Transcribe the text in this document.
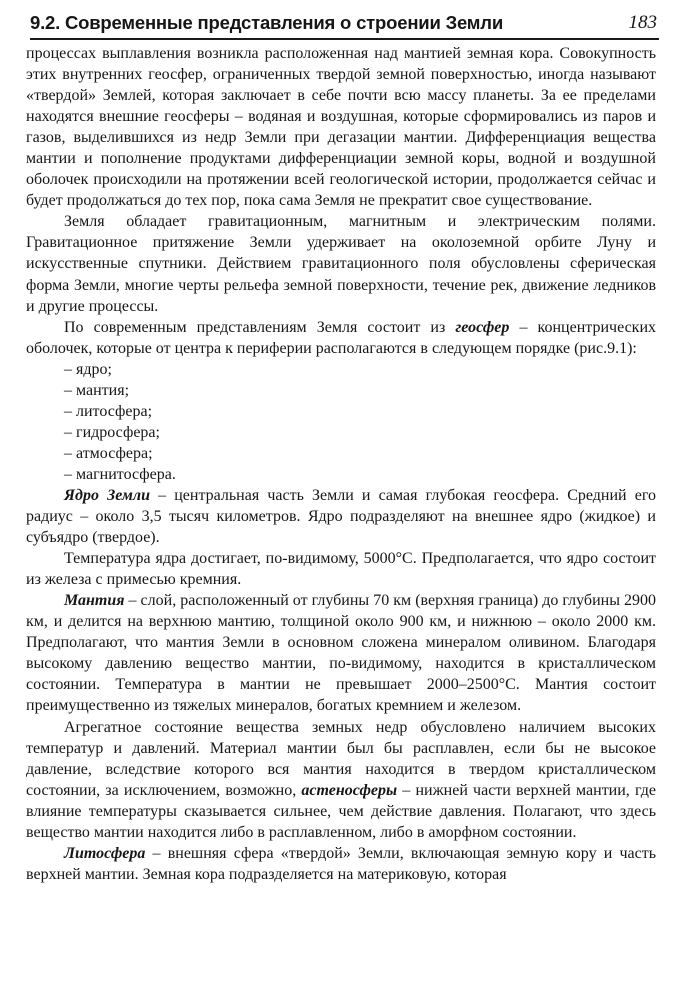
9.2. Современные представления о строении Земли	183

процессах выплавления возникла расположенная над мантией земная кора. Совокупность этих внутренних геосфер, ограниченных твердой земной поверхностью, иногда называют «твердой» Землей, которая заключает в себе почти всю массу планеты. За ее пределами находятся внешние геосферы – водяная и воздушная, которые сформировались из паров и газов, выделившихся из недр Земли при дегазации мантии. Дифференциация вещества мантии и пополнение продуктами дифференциации земной коры, водной и воздушной оболочек происходили на протяжении всей геологической истории, продолжается сейчас и будет продолжаться до тех пор, пока сама Земля не прекратит свое существование.

Земля обладает гравитационным, магнитным и электрическим полями. Гравитационное притяжение Земли удерживает на околоземной орбите Луну и искусственные спутники. Действием гравитационного поля обусловлены сферическая форма Земли, многие черты рельефа земной поверхности, течение рек, движение ледников и другие процессы.

По современным представлениям Земля состоит из геосфер – концентрических оболочек, которые от центра к периферии располагаются в следующем порядке (рис.9.1):

– ядро;
– мантия;
– литосфера;
– гидросфера;
– атмосфера;
– магнитосфера.

Ядро Земли – центральная часть Земли и самая глубокая геосфера. Средний его радиус – около 3,5 тысяч километров. Ядро подразделяют на внешнее ядро (жидкое) и субъядро (твердое).

Температура ядра достигает, по-видимому, 5000°С. Предполагается, что ядро состоит из железа с примесью кремния.

Мантия – слой, расположенный от глубины 70 км (верхняя граница) до глубины 2900 км, и делится на верхнюю мантию, толщиной около 900 км, и нижнюю – около 2000 км. Предполагают, что мантия Земли в основном сложена минералом оливином. Благодаря высокому давлению вещество мантии, по-видимому, находится в кристаллическом состоянии. Температура в мантии не превышает 2000–2500°С. Мантия состоит преимущественно из тяжелых минералов, богатых кремнием и железом.

Агрегатное состояние вещества земных недр обусловлено наличием высоких температур и давлений. Материал мантии был бы расплавлен, если бы не высокое давление, вследствие которого вся мантия находится в твердом кристаллическом состоянии, за исключением, возможно, астеносферы – нижней части верхней мантии, где влияние температуры сказывается сильнее, чем действие давления. Полагают, что здесь вещество мантии находится либо в расплавленном, либо в аморфном состоянии.

Литосфера – внешняя сфера «твердой» Земли, включающая земную кору и часть верхней мантии. Земная кора подразделяется на материковую, которая
